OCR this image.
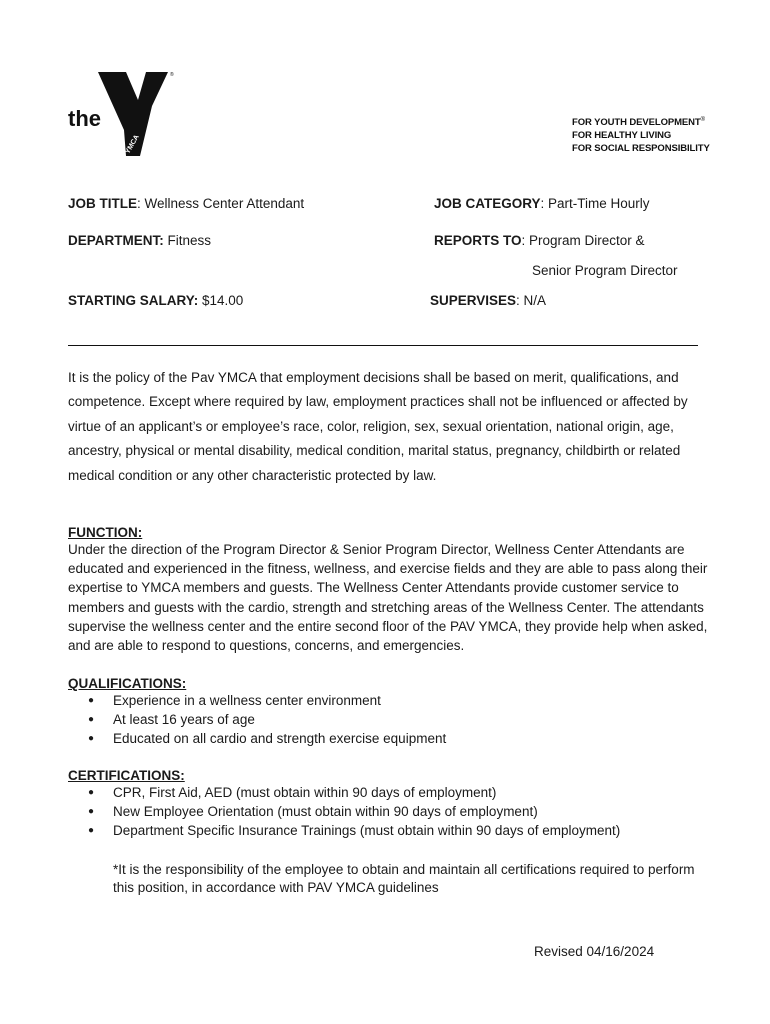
the
YMCA
®
FOR YOUTH DEVELOPMENT®
FOR HEALTHY LIVING
FOR SOCIAL RESPONSIBILITY
JOB TITLE: Wellness Center Attendant	JOB CATEGORY: Part-Time Hourly
DEPARTMENT: Fitness	REPORTS TO: Program Director &
Senior Program Director
STARTING SALARY: $14.00	SUPERVISES: N/A
It is the policy of the Pav YMCA that employment decisions shall be based on merit, qualifications, and competence. Except where required by law, employment practices shall not be influenced or affected by virtue of an applicant’s or employee’s race, color, religion, sex, sexual orientation, national origin, age, ancestry, physical or mental disability, medical condition, marital status, pregnancy, childbirth or related medical condition or any other characteristic protected by law.
FUNCTION:
Under the direction of the Program Director & Senior Program Director, Wellness Center Attendants are educated and experienced in the fitness, wellness, and exercise fields and they are able to pass along their expertise to YMCA members and guests. The Wellness Center Attendants provide customer service to members and guests with the cardio, strength and stretching areas of the Wellness Center. The attendants supervise the wellness center and the entire second floor of the PAV YMCA, they provide help when asked, and are able to respond to questions, concerns, and emergencies.
QUALIFICATIONS:
● Experience in a wellness center environment
● At least 16 years of age
● Educated on all cardio and strength exercise equipment
CERTIFICATIONS:
● CPR, First Aid, AED (must obtain within 90 days of employment)
● New Employee Orientation (must obtain within 90 days of employment)
● Department Specific Insurance Trainings (must obtain within 90 days of employment)
*It is the responsibility of the employee to obtain and maintain all certifications required to perform this position, in accordance with PAV YMCA guidelines
Revised 04/16/2024
